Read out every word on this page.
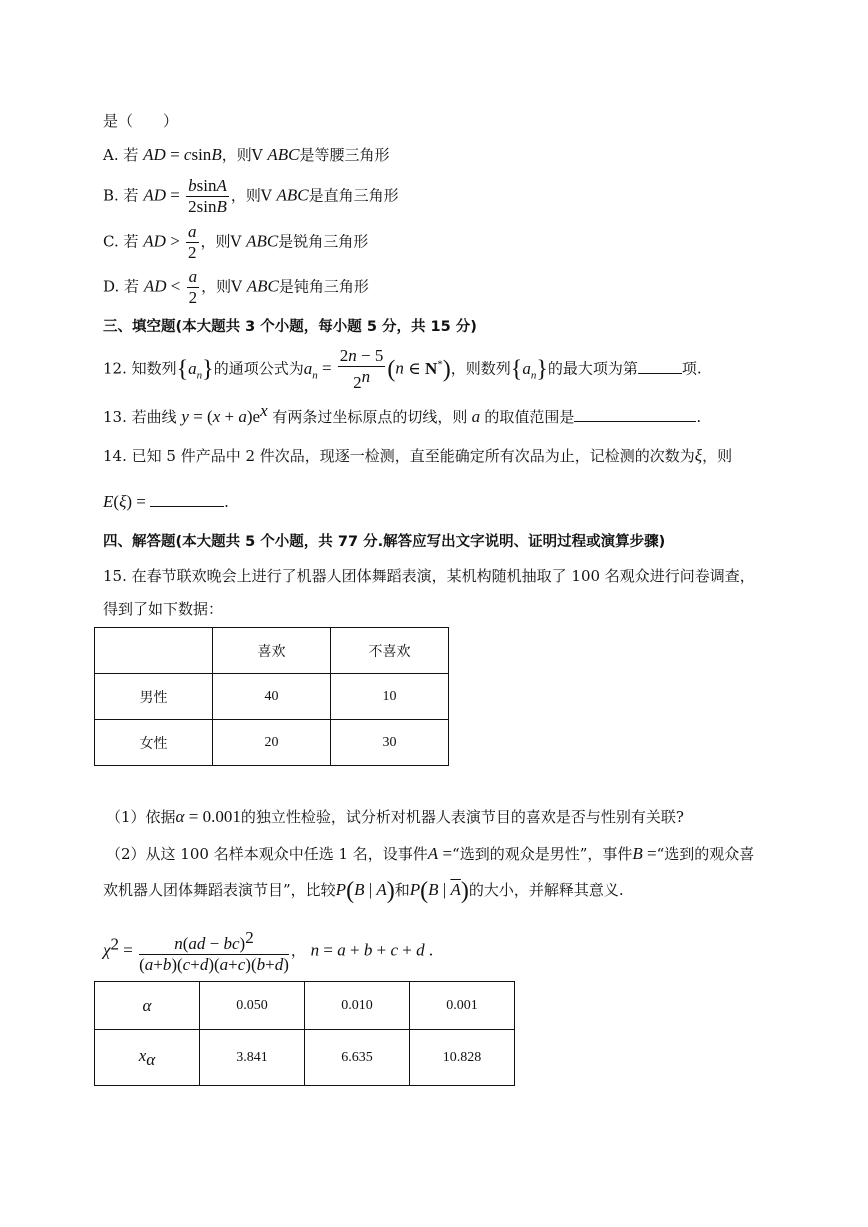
是（　　）
A. 若 AD = csinB，则V ABC是等腰三角形
B. 若 AD = $\frac{bsinA}{2\sin B}$ ，则V ABC是直角三角形
C. 若 AD > $\frac{a}{2}$ ，则V ABC是锐角三角形
D. 若 AD < $\frac{a}{2}$ ，则V ABC是钝角三角形
三、填空题(本大题共 3 个小题，每小题 5 分，共 15 分)
12. 知数列$\{a_n\}$的通项公式为$a_n = \frac{2n - 5}{2^n} (n$ ∈ N*)，则数列$\{a_n\}$的最大项为第	项.
13. 若曲线 $y = (x + a)e^x$ 有两条过坐标原点的切线，则 a 的取值范围是	.
14. 已知 5 件产品中 2 件次品，现逐一检测，直至能确定所有次品为止，记检测的次数为ξ，则
E(ξ) =	.
四、解答题(本大题共 5 个小题，共 77 分.解答应写出文字说明、证明过程或演算步骤)
15. 在春节联欢晚会上进行了机器人团体舞蹈表演，某机构随机抽取了 100 名观众进行问卷调查，
得到了如下数据：
	喜欢	不喜欢
男性	40	10
女性	20	30
（1）依据α = 0.001的独立性检验，试分析对机器人表演节目的喜欢是否与性别有关联?
（2）从这 100 名样本观众中任选 1 名，设事件A =“选到的观众是男性”，事件B =“选到的观众喜
欢机器人团体舞蹈表演节目”，比较P(B | A)和P(B | $\overline{A}$)的大小，并解释其意义.
$\chi^2 = \frac{n(ad - bc)^2}{(a+b)(c+d)(a+c)(b+d)}$ ， n = a + b + c + d .
α	0.050	0.010	0.001
$x_\alpha$	3.841	6.635	10.828
